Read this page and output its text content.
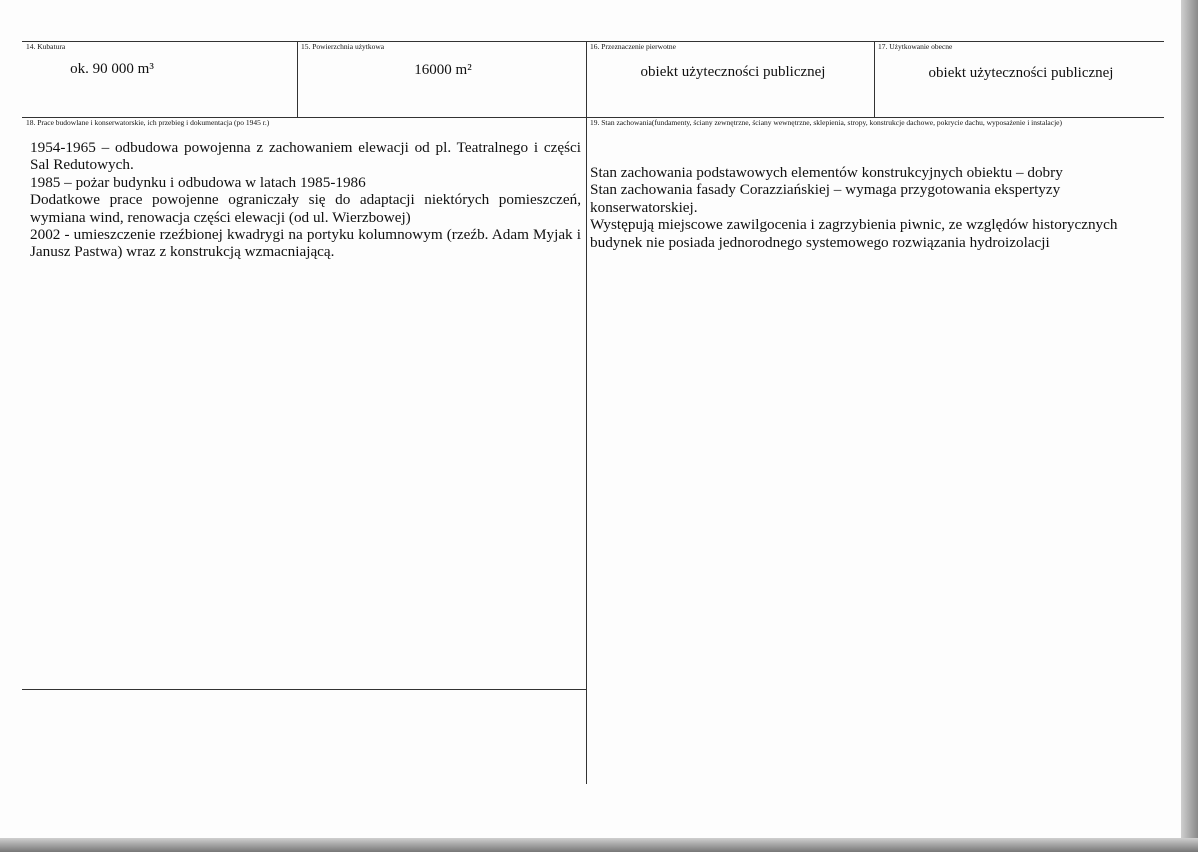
14. Kubatura
ok. 90 000 m³
15. Powierzchnia użytkowa
16000 m²
16. Przeznaczenie pierwotne
obiekt użyteczności publicznej
17. Użytkowanie obecne
obiekt użyteczności publicznej
18. Prace budowlane i konserwatorskie, ich przebieg i dokumentacja (po 1945 r.)

1954-1965 – odbudowa powojenna z zachowaniem elewacji od pl. Teatralnego i części Sal Redutowych.

1985 – pożar budynku i odbudowa w latach 1985-1986

Dodatkowe prace powojenne ograniczały się do adaptacji niektórych pomieszczeń, wymiana wind, renowacja części elewacji (od ul. Wierzbowej)

2002 - umieszczenie rzeźbionej kwadrygi na portyku kolumnowym (rzeźb. Adam Myjak i Janusz Pastwa) wraz z konstrukcją wzmacniającą.

19. Stan zachowania(fundamenty, ściany zewnętrzne, ściany wewnętrzne, sklepienia, stropy, konstrukcje dachowe, pokrycie dachu, wyposażenie i instalacje)

Stan zachowania podstawowych elementów konstrukcyjnych obiektu – dobry

Stan zachowania fasady Corazziańskiej – wymaga przygotowania ekspertyzy konserwatorskiej.

Występują miejscowe zawilgocenia i zagrzybienia piwnic, ze względów historycznych budynek nie posiada jednorodnego systemowego rozwiązania hydroizolacji
